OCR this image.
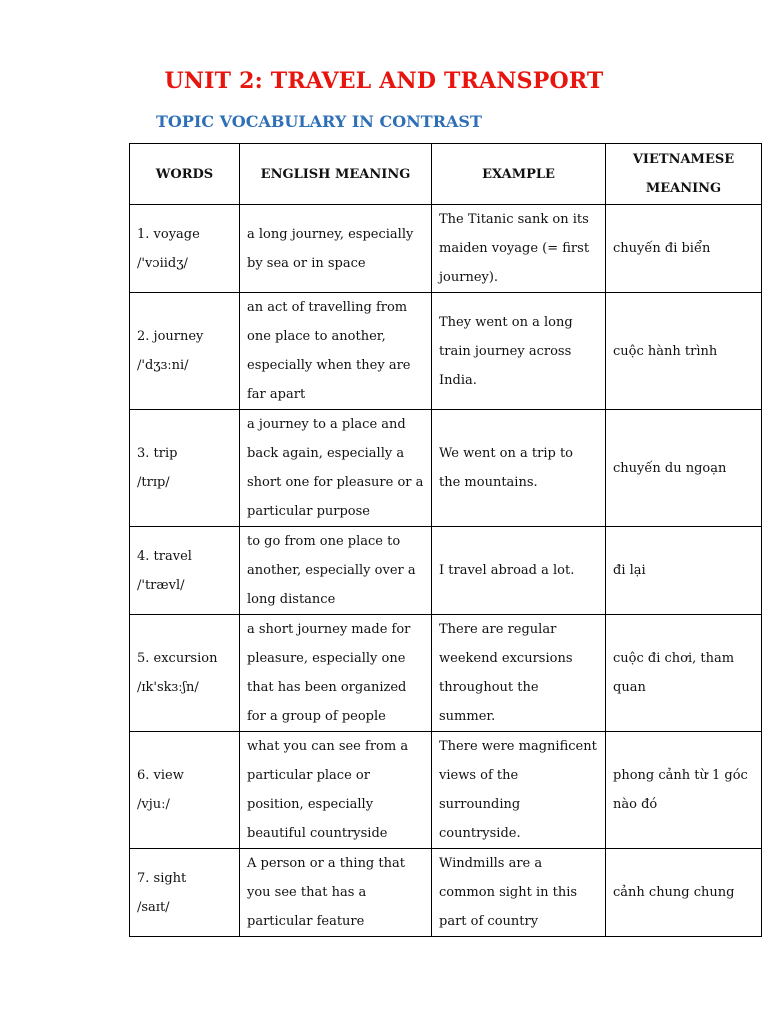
UNIT 2: TRAVEL AND TRANSPORT
TOPIC VOCABULARY IN CONTRAST
WORDS	ENGLISH MEANING	EXAMPLE	VIETNAMESE MEANING

1. voyage
/'vɔiidʒ/	a long journey, especially by sea or in space	The Titanic sank on its maiden voyage (= first journey).	chuyến đi biển

2. journey
/'dʒɜːni/	an act of travelling from one place to another, especially when they are far apart	They went on a long train journey across India.	cuộc hành trình

3. trip
/trɪp/	a journey to a place and back again, especially a short one for pleasure or a particular purpose	We went on a trip to the mountains.	chuyến du ngoạn

4. travel
/'trævl/	to go from one place to another, especially over a long distance	I travel abroad a lot.	đi lại

5. excursion
/ɪk'skɜːʃn/	a short journey made for pleasure, especially one that has been organized for a group of people	There are regular weekend excursions throughout the summer.	cuộc đi chơi, tham quan

6. view
/vjuː/	what you can see from a particular place or position, especially beautiful countryside	There were magnificent views of the surrounding countryside.	phong cảnh từ 1 góc nào đó

7. sight
/saɪt/	A person or a thing that you see that has a particular feature	Windmills are a common sight in this part of country	cảnh chung chung
